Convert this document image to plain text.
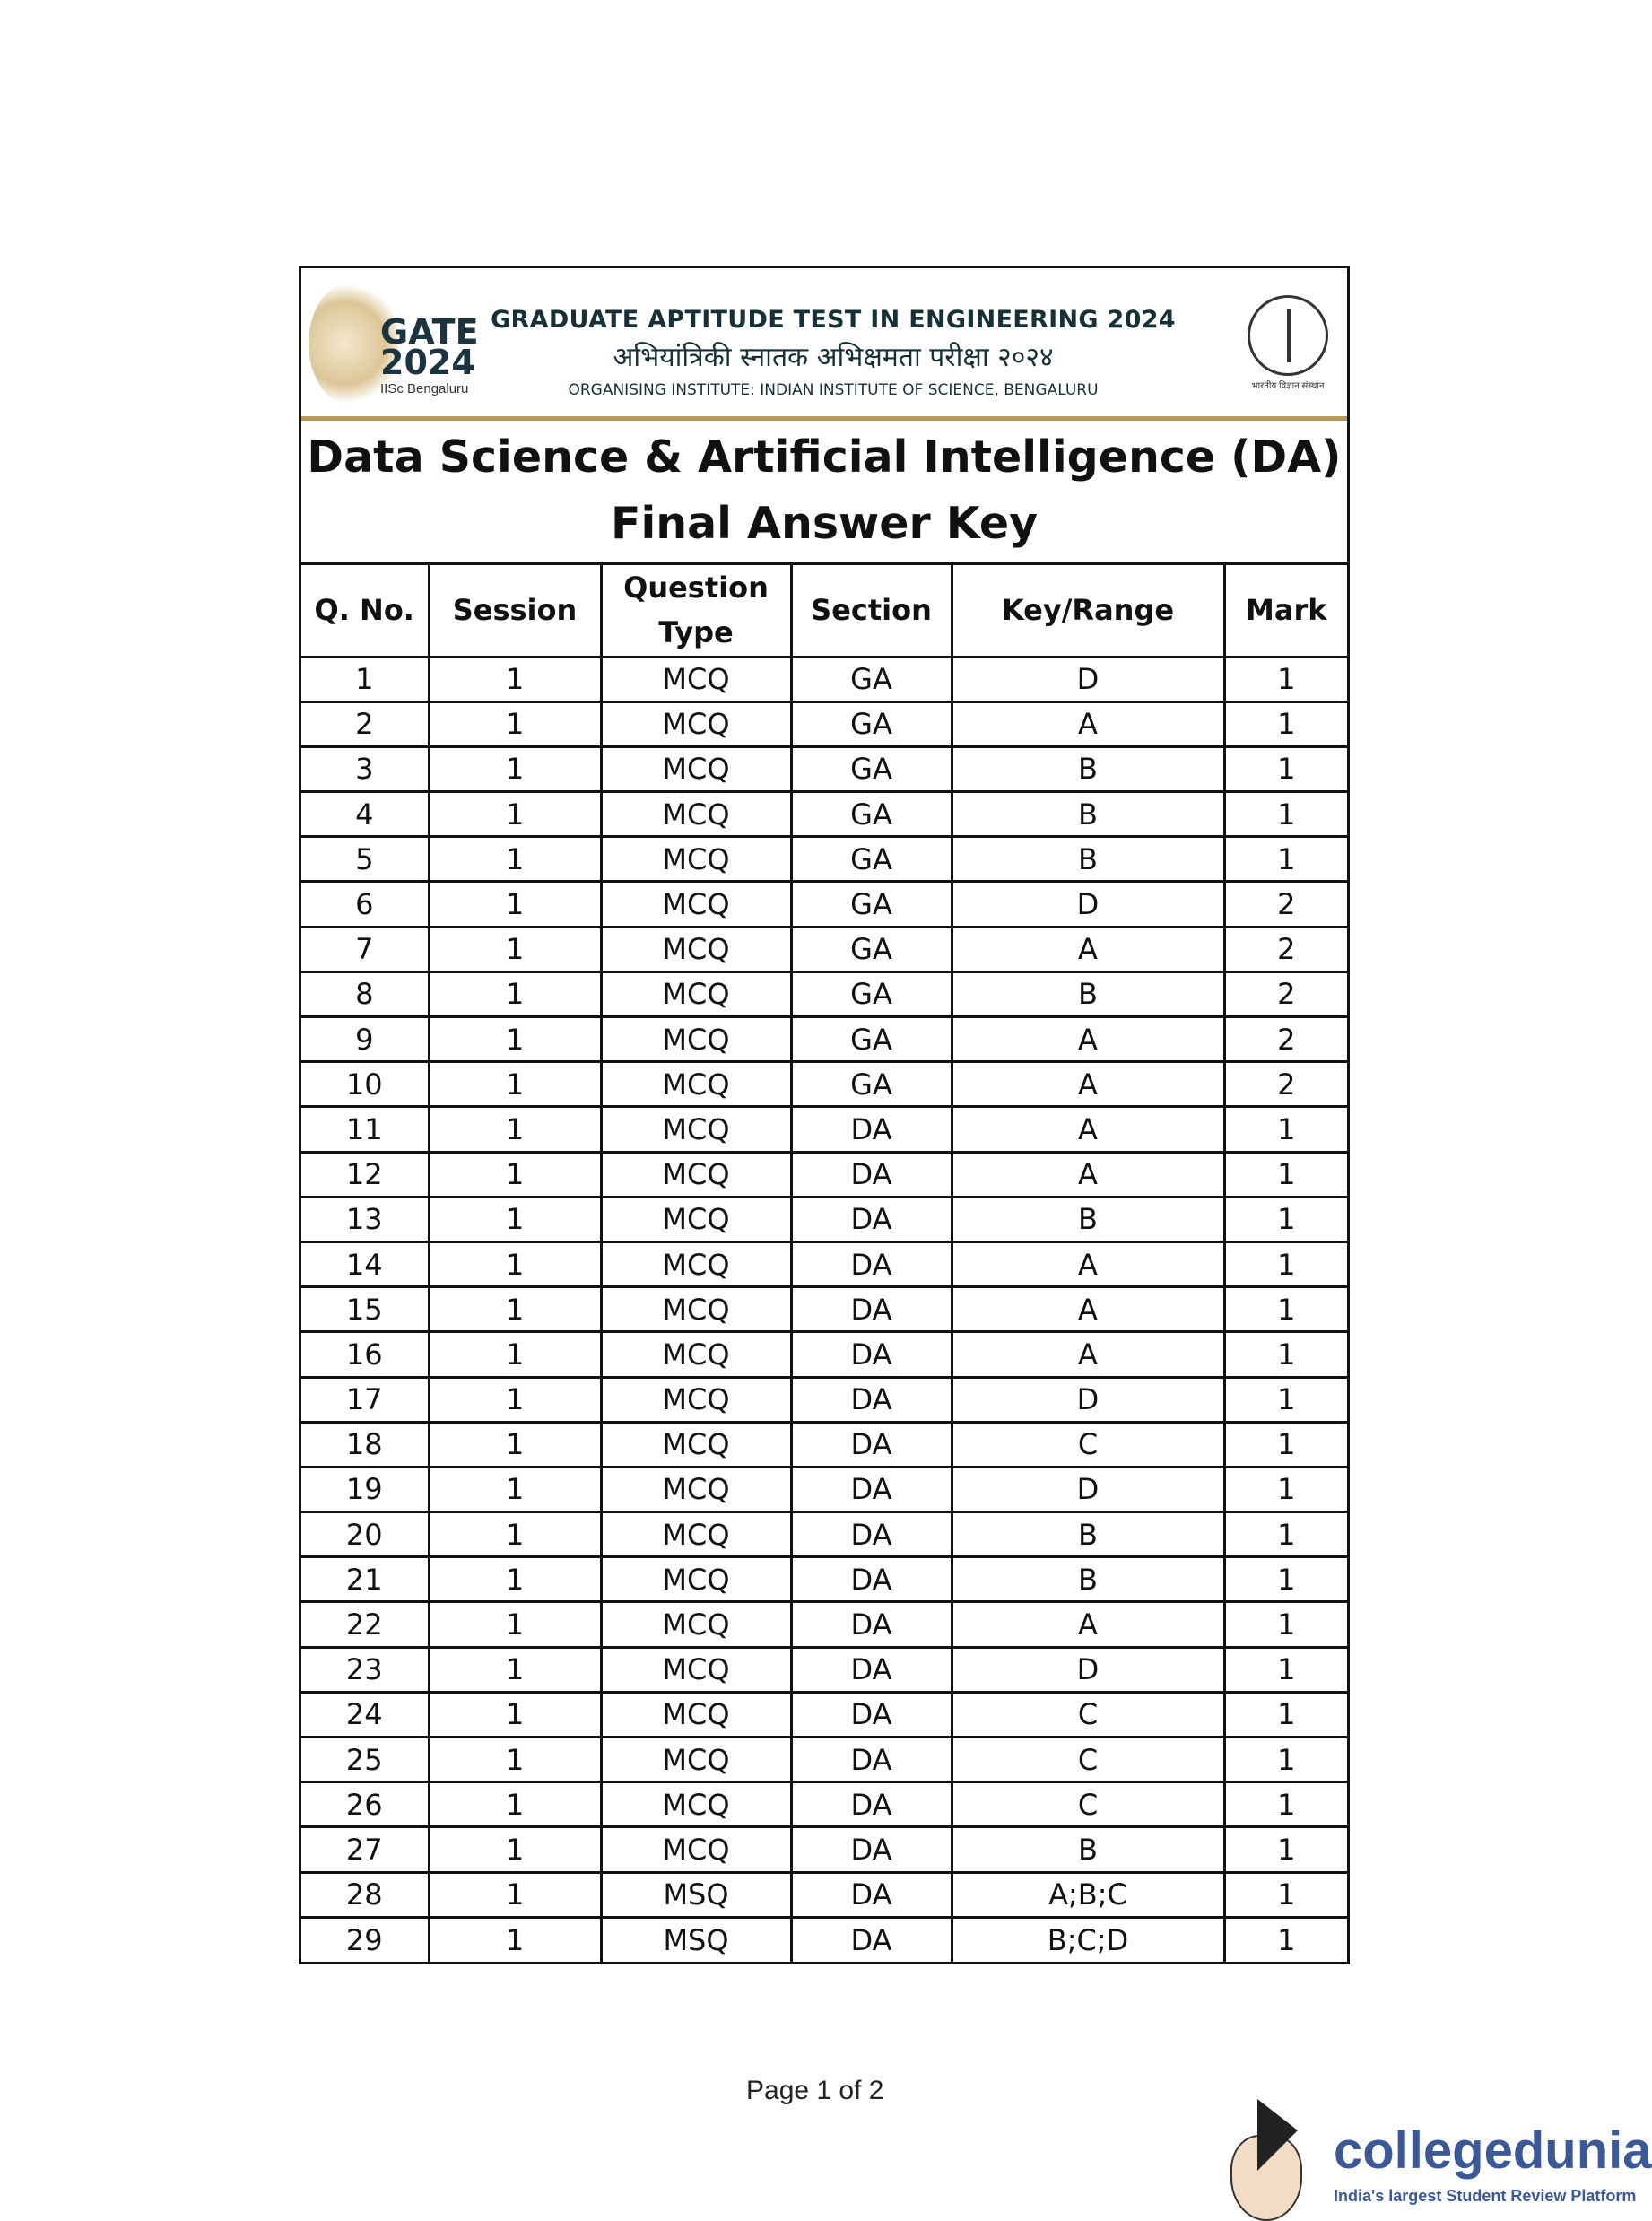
GATE 2024
IISc Bengaluru
GRADUATE APTITUDE TEST IN ENGINEERING 2024
अभियांत्रिकी स्नातक अभिक्षमता परीक्षा २०२४
ORGANISING INSTITUTE: INDIAN INSTITUTE OF SCIENCE, BENGALURU	भारतीय विज्ञान संस्थान
Data Science & Artificial Intelligence (DA)
Final Answer Key
Q. No.	Session	Question Type	Section	Key/Range	Mark
1	1	MCQ	GA	D	1
2	1	MCQ	GA	A	1
3	1	MCQ	GA	B	1
4	1	MCQ	GA	B	1
5	1	MCQ	GA	B	1
6	1	MCQ	GA	D	2
7	1	MCQ	GA	A	2
8	1	MCQ	GA	B	2
9	1	MCQ	GA	A	2
10	1	MCQ	GA	A	2
11	1	MCQ	DA	A	1
12	1	MCQ	DA	A	1
13	1	MCQ	DA	B	1
14	1	MCQ	DA	A	1
15	1	MCQ	DA	A	1
16	1	MCQ	DA	A	1
17	1	MCQ	DA	D	1
18	1	MCQ	DA	C	1
19	1	MCQ	DA	D	1
20	1	MCQ	DA	B	1
21	1	MCQ	DA	B	1
22	1	MCQ	DA	A	1
23	1	MCQ	DA	D	1
24	1	MCQ	DA	C	1
25	1	MCQ	DA	C	1
26	1	MCQ	DA	C	1
27	1	MCQ	DA	B	1
28	1	MSQ	DA	A;B;C	1
29	1	MSQ	DA	B;C;D	1
Page 1 of 2
collegedunia
India's largest Student Review Platform
